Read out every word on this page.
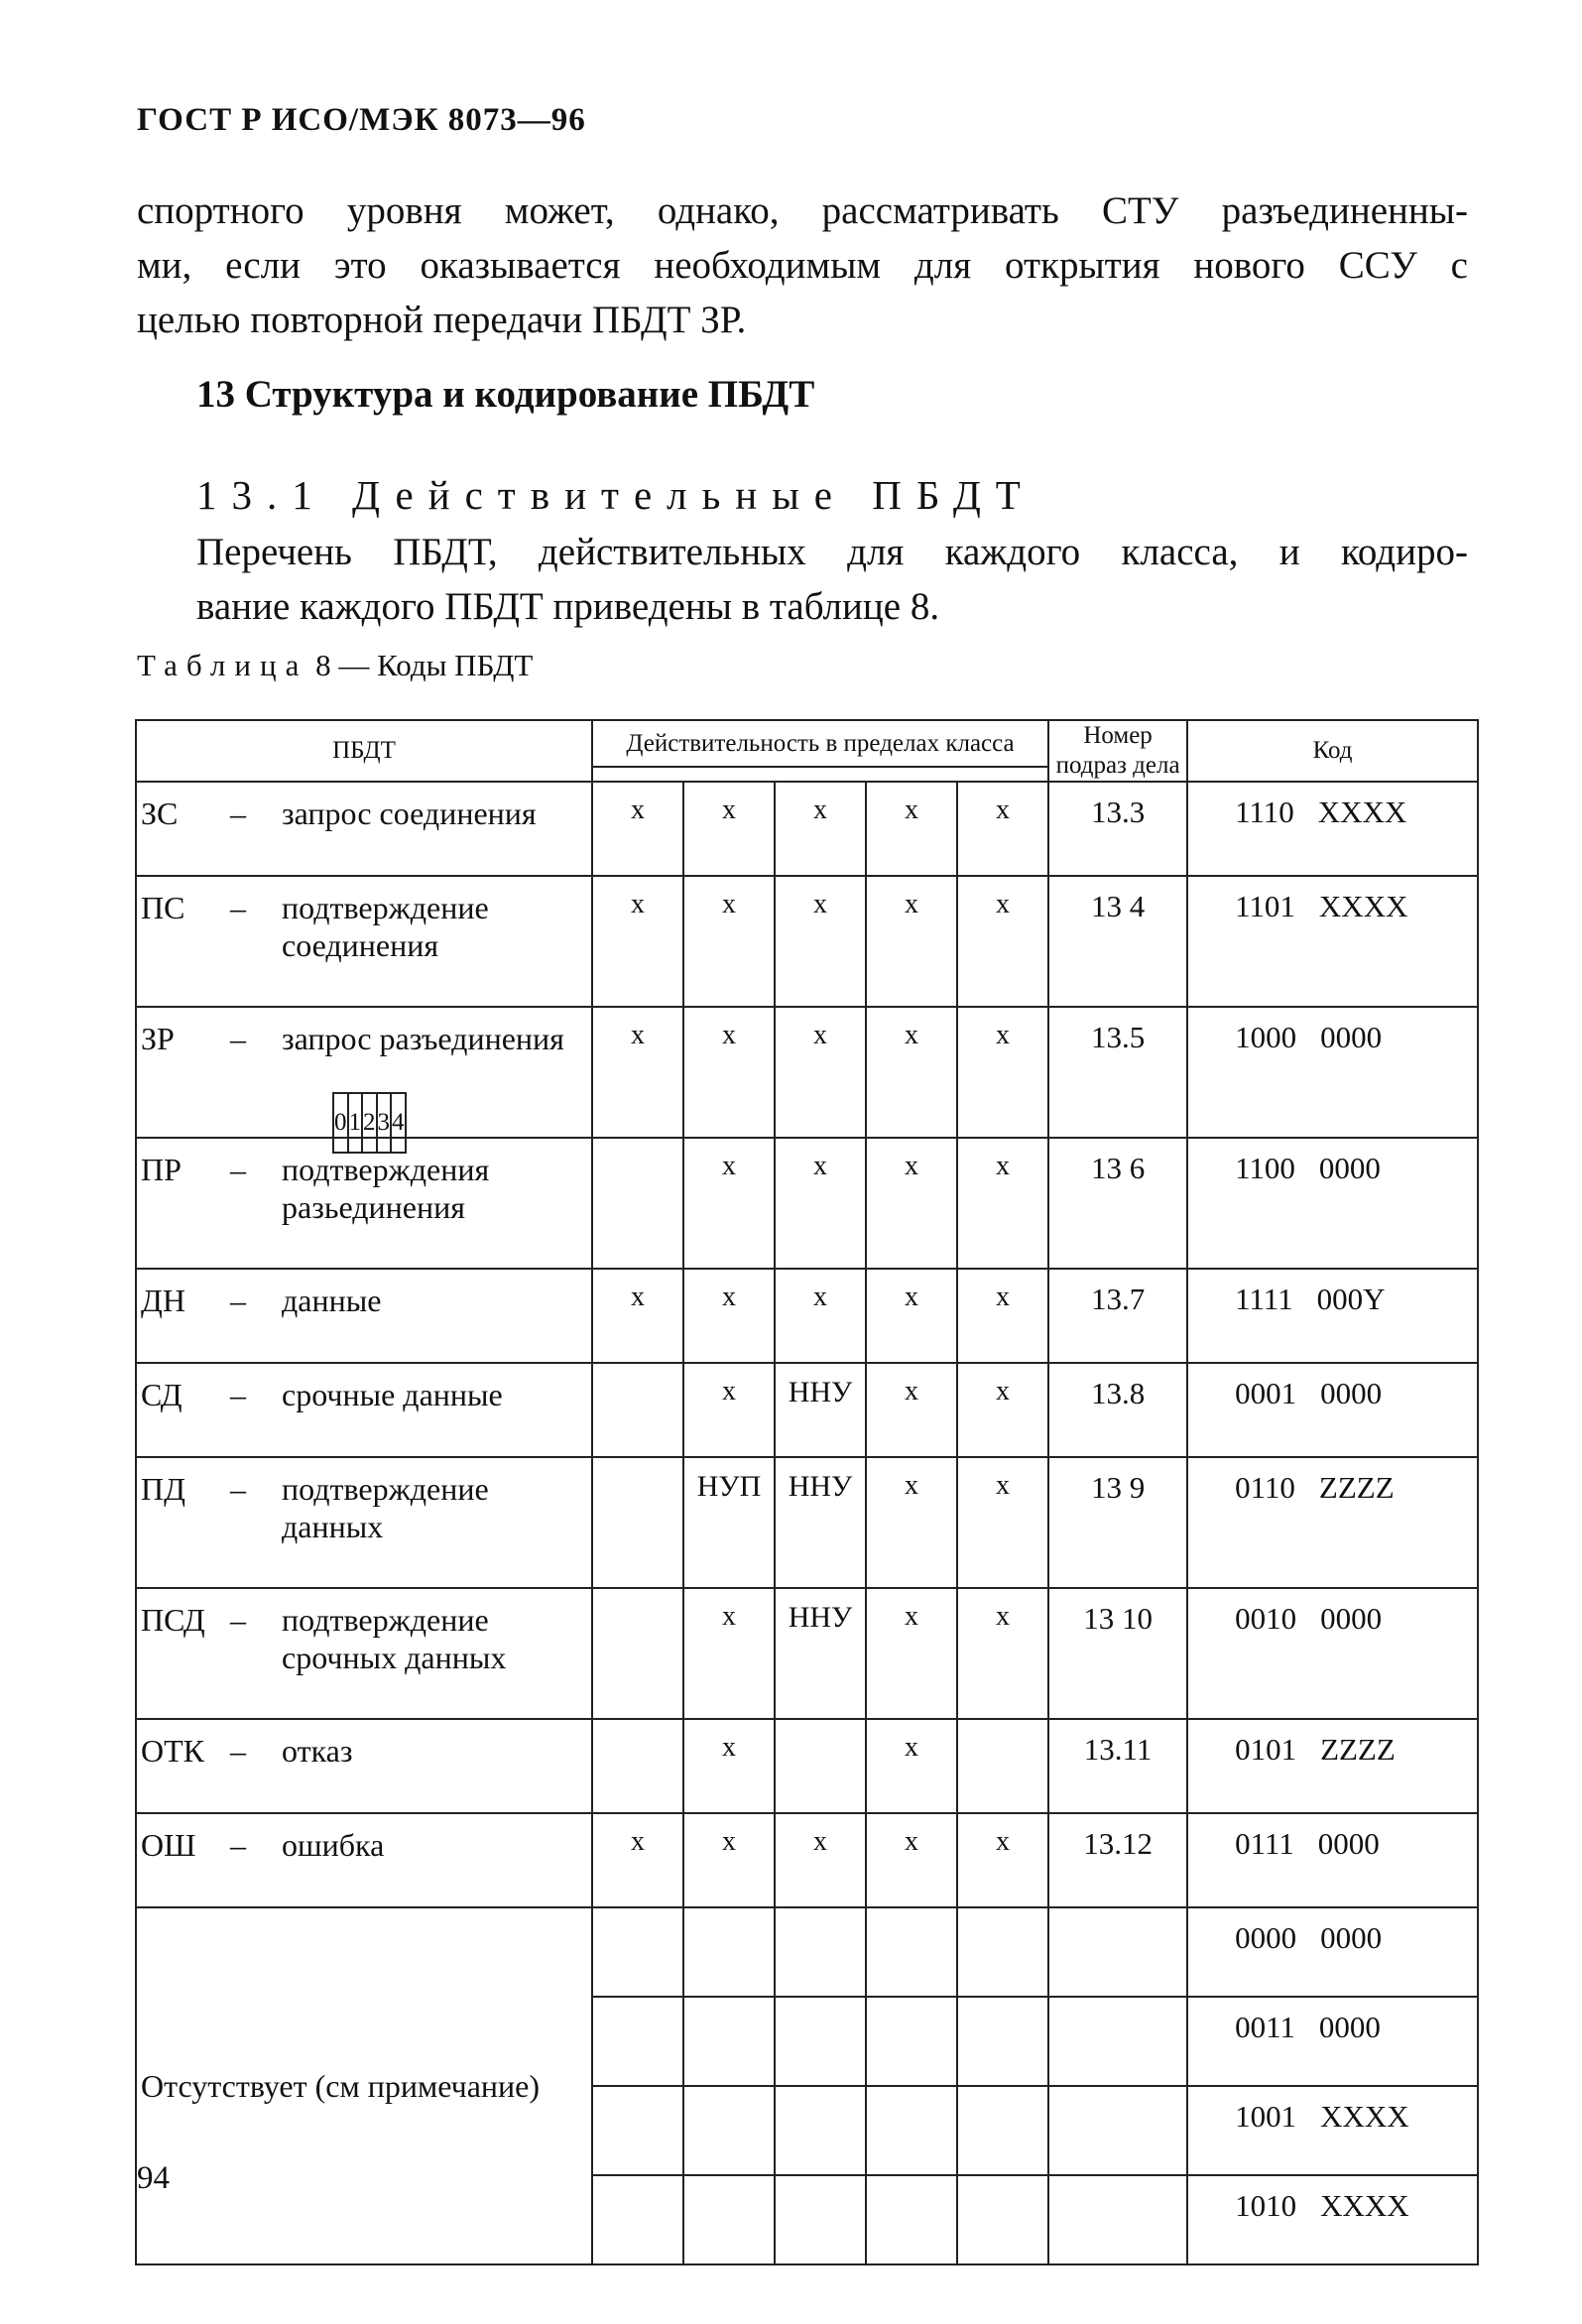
ГОСТ Р ИСО/МЭК 8073—96

спортного уровня может, однако, рассматривать СТУ разъединенны-
ми, если это оказывается необходимым для открытия нового ССУ с
целью повторной передачи ПБДТ ЗР.

13 Структура и кодирование ПБДТ
13.1 Действительные ПБДТ

Перечень ПБДТ, действительных для каждого класса, и кодиро-
вание каждого ПБДТ приведены в таблице 8.

Таблица 8 — Коды ПБДТ

ПБДТ	Действительность в пределах класса	Номер подраз дела	Код

0	1	2	3	4
ЗС	–	запрос соединения	x	x	x	x	x	13.3	1110 XXXX

ПС	–	подтверждение соединения	x	x	x	x	x	13 4	1101 XXXX

ЗР	–	запрос разъединения	x	x	x	x	x	13.5	1000 0000

ПР	–	подтверждения разьединения		x	x	x	x	13 6	1100 0000

ДН	–	данные	x	x	x	x	x	13.7	1111 000Y

СД	–	срочные данные		x	ННУ	x	x	13.8	0001 0000

ПД	–	подтверждение данных		НУП	ННУ	x	x	13 9	0110 ZZZZ

ПСД –	подтверждение срочных данных		x	ННУ	x	x	13 10	0010 0000

ОТК –	отказ		x		x		13.11	0101 ZZZZ

ОШ	–	ошибка	x	x	x	x	x	13.12	0111 0000
Отсутствует (см примечание)							0000 0000
						0011 0000
						1001 XXXX
						1010 XXXX
94
